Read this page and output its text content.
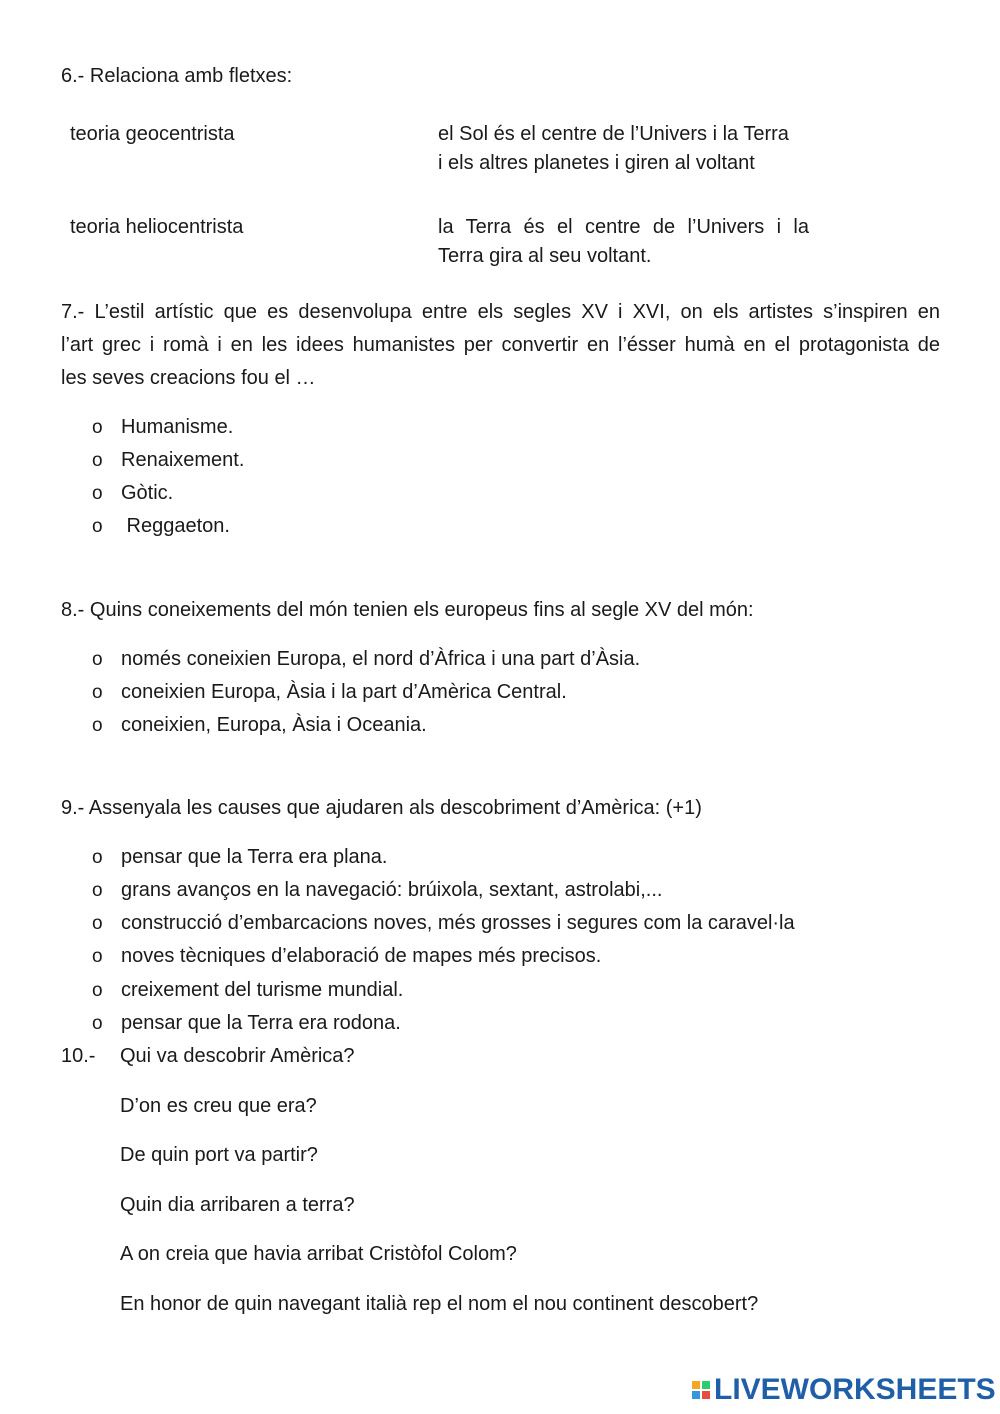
6.- Relaciona amb fletxes:

teoria geocentrista

teoria heliocentrista

el Sol és el centre de l’Univers i la Terra

i els altres planetes i giren al voltant

la Terra és el centre de l’Univers i la

Terra gira al seu voltant.

7.- L’estil artístic que es desenvolupa entre els segles XV i XVI, on els artistes s’inspiren en

l’art grec i romà i en les idees humanistes per convertir en l’ésser humà en el protagonista de

les seves creacions fou el …

o Humanisme.

o Renaixement.

o Gòtic.

o Reggaeton.

8.- Quins coneixements del món tenien els europeus fins al segle XV del món:

o només coneixien Europa, el nord d’Àfrica i una part d’Àsia.

o coneixien Europa, Àsia i la part d’Amèrica Central.

o coneixien, Europa, Àsia i Oceania.

9.- Assenyala les causes que ajudaren als descobriment d’Amèrica: (+1)

o pensar que la Terra era plana.

o grans avanços en la navegació: brúixola, sextant, astrolabi,...

o construcció d’embarcacions noves, més grosses i segures com la caravel·la

o noves tècniques d’elaboració de mapes més precisos.

o creixement del turisme mundial.

o pensar que la Terra era rodona.

10.- Qui va descobrir Amèrica?

D’on es creu que era?

De quin port va partir?

Quin dia arribaren a terra?

A on creia que havia arribat Cristòfol Colom?

En honor de quin navegant italià rep el nom el nou continent descobert?

LIVEWORKSHEETS
